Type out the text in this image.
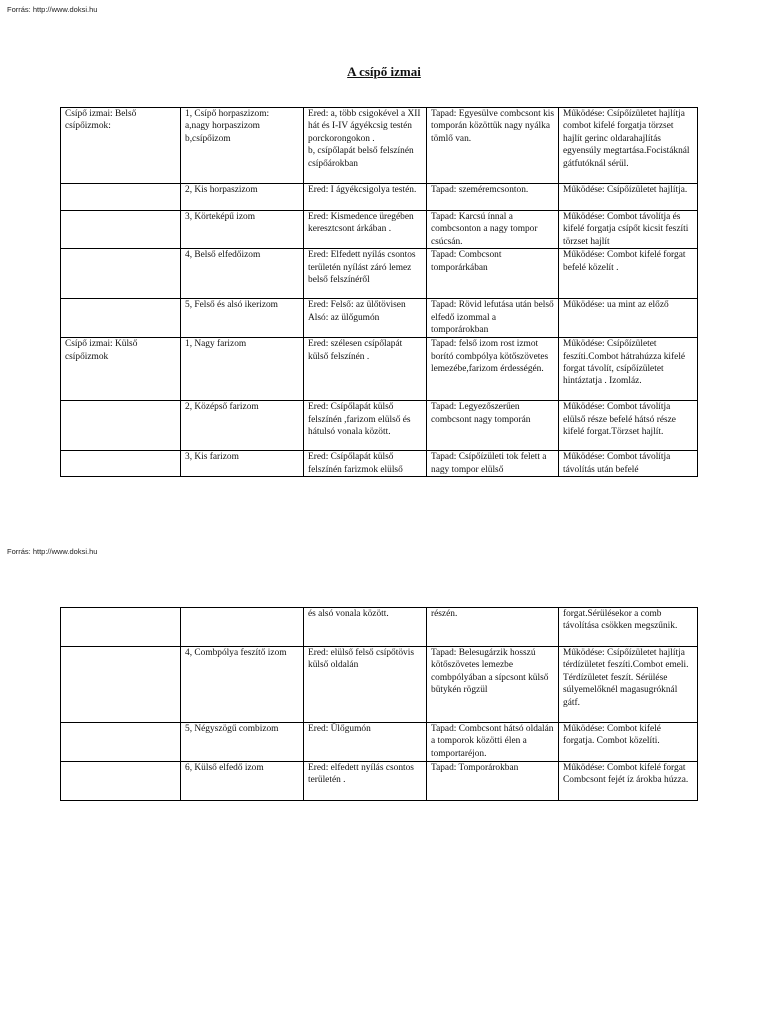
Forrás: http://www.doksi.hu
A csípő izmai
Csípő izmai: Belső csípőizmok:	1, Csípő horpaszizom:
a,nagy horpaszizom
b,csípőizom	Ered: a, több csigokével a XII hát és I-IV ágyékcsig testén porckorongokon .
b, csípőlapát belső felszínén csípőárokban	Tapad: Egyesülve combcsont kis tomporán közöttük nagy nyálka tömlő van.	Működése: Csípőízületet hajlítja combot kifelé forgatja törzset hajlít gerinc oldarahajlítás egyensúly megtartása.Focistáknál gátfutóknál sérül.

	2, Kis horpaszizom	Ered: I ágyékcsigolya testén.	Tapad: szeméremcsonton.	Működése: Csípőízületet hajlítja.

	3, Körteképű izom	Ered: Kismedence üregében keresztcsont árkában .	Tapad: Karcsú ínnal a combcsonton a nagy tompor csúcsán.	Működése: Combot távolítja és kifelé forgatja csípőt kicsit feszíti törzset hajlít

	4, Belső elfedőizom	Ered: Elfedett nyílás csontos területén nyílást záró lemez belső felszínéről	Tapad: Combcsont tomporárkában	Működése: Combot kifelé forgat befelé közelít .

	5, Felső és alsó ikerizom	Ered: Felső: az ülőtövisen Alsó: az ülőgumón	Tapad: Rövid lefutása után belső elfedő izommal a tomporárokban	Működése: ua mint az előző

Csípő izmai: Külső csípőizmok	1, Nagy farizom	Ered: szélesen csípőlapát külső felszínén .	Tapad: felső izom rost izmot borító combpólya kötőszövetes lemezébe,farizom érdességén.	Működése: Csípőízületet feszíti.Combot hátrahúzza kifelé forgat távolít, csípőízületet hintáztatja . Izomláz.

	2, Középső farizom	Ered: Csípőlapát külső felszínén ,farizom elülső és hátulsó vonala között.	Tapad: Legyezőszerűen combcsont nagy tomporán	Működése: Combot távolítja elülső része befelé hátsó része kifelé forgat.Törzset hajlít.

	3, Kis farizom	Ered: Csípőlapát külső felszínén farizmok elülső	Tapad: Csípőízületi tok felett a nagy tompor elülső	Működése: Combot távolítja távolítás után befelé
Forrás: http://www.doksi.hu

		és alsó vonala között.	részén.	forgat.Sérülésekor a comb távolítása csökken megszűnik.

	4, Combpólya feszítő izom	Ered: elülső felső csípőtövis külső oldalán	Tapad: Belesugárzik hosszú kötőszövetes lemezbe combpólyában a sípcsont külső bütykén rögzül	Működése: Csípőízületet hajlítja térdízületet feszíti.Combot emeli. Térdízületet feszít. Sérülése súlyemelőknél magasugróknál gátf.

	5, Négyszögű combizom	Ered: Ülőgumón	Tapad: Combcsont hátsó oldalán a tomporok közötti élen a tomportaréjon.	Működése: Combot kifelé forgatja. Combot közelíti.

	6, Külső elfedő izom	Ered: elfedett nyílás csontos területén .	Tapad: Tomporárokban	Működése: Combot kifelé forgat Combcsont fejét íz árokba húzza.
